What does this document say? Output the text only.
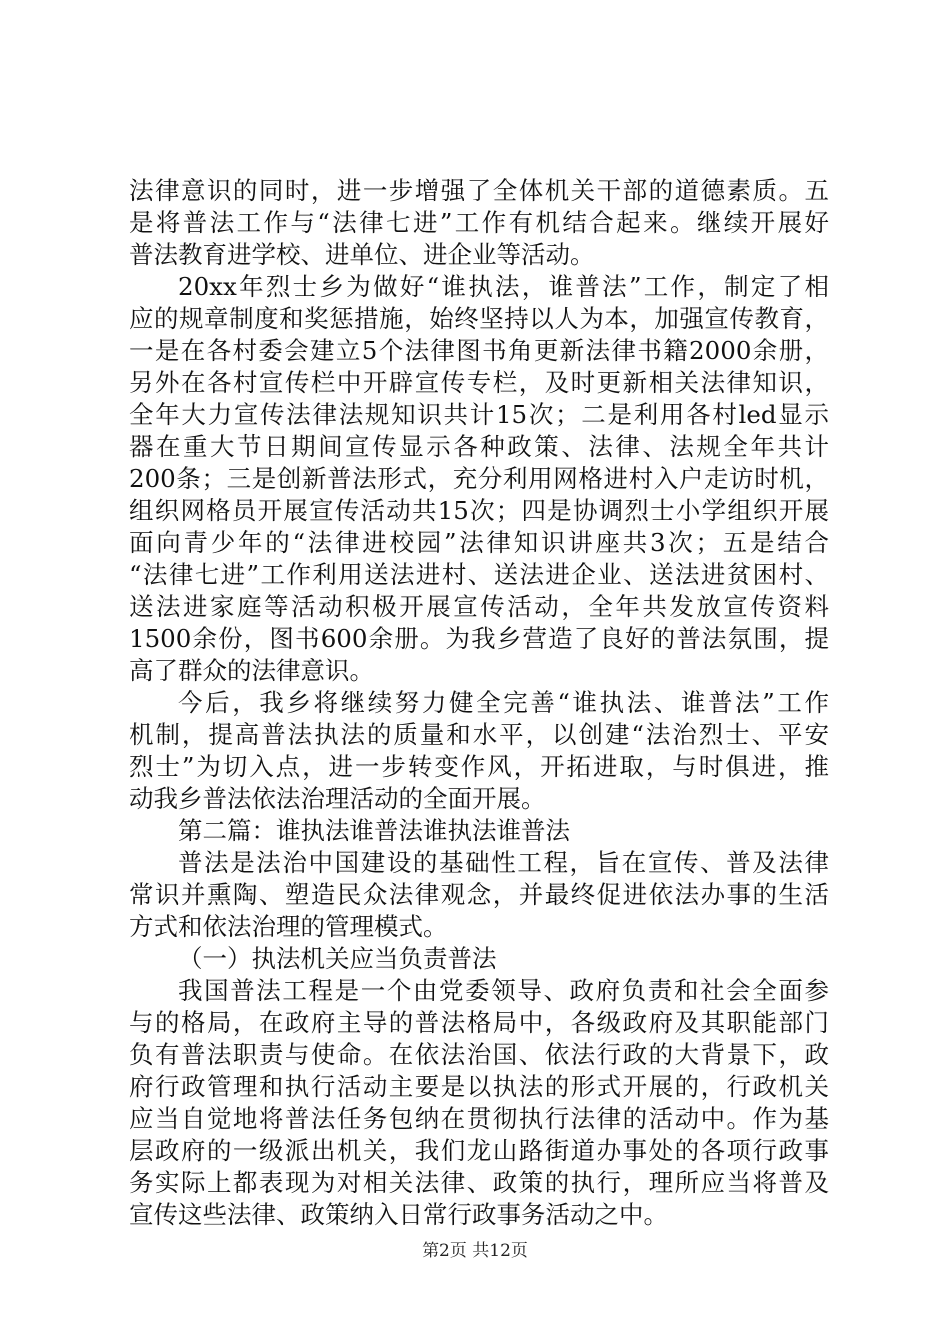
法律意识的同时，进一步增强了全体机关干部的道德素质。五
是将普法工作与“法律七进”工作有机结合起来。继续开展好
普法教育进学校、进单位、进企业等活动。
20xx年烈士乡为做好“谁执法，谁普法”工作，制定了相
应的规章制度和奖惩措施，始终坚持以人为本，加强宣传教育，
一是在各村委会建立5个法律图书角更新法律书籍2000余册，
另外在各村宣传栏中开辟宣传专栏，及时更新相关法律知识，
全年大力宣传法律法规知识共计15次；二是利用各村led显示
器在重大节日期间宣传显示各种政策、法律、法规全年共计
200条；三是创新普法形式，充分利用网格进村入户走访时机，
组织网格员开展宣传活动共15次；四是协调烈士小学组织开展
面向青少年的“法律进校园”法律知识讲座共3次；五是结合
“法律七进”工作利用送法进村、送法进企业、送法进贫困村、
送法进家庭等活动积极开展宣传活动，全年共发放宣传资料
1500余份，图书600余册。为我乡营造了良好的普法氛围，提
高了群众的法律意识。
今后，我乡将继续努力健全完善“谁执法、谁普法”工作
机制，提高普法执法的质量和水平，以创建“法治烈士、平安
烈士”为切入点，进一步转变作风，开拓进取，与时俱进，推
动我乡普法依法治理活动的全面开展。
第二篇：谁执法谁普法谁执法谁普法
普法是法治中国建设的基础性工程，旨在宣传、普及法律
常识并熏陶、塑造民众法律观念，并最终促进依法办事的生活
方式和依法治理的管理模式。
（一）执法机关应当负责普法
我国普法工程是一个由党委领导、政府负责和社会全面参
与的格局，在政府主导的普法格局中，各级政府及其职能部门
负有普法职责与使命。在依法治国、依法行政的大背景下，政
府行政管理和执行活动主要是以执法的形式开展的，行政机关
应当自觉地将普法任务包纳在贯彻执行法律的活动中。作为基
层政府的一级派出机关，我们龙山路街道办事处的各项行政事
务实际上都表现为对相关法律、政策的执行，理所应当将普及
宣传这些法律、政策纳入日常行政事务活动之中。
第2页 共12页
